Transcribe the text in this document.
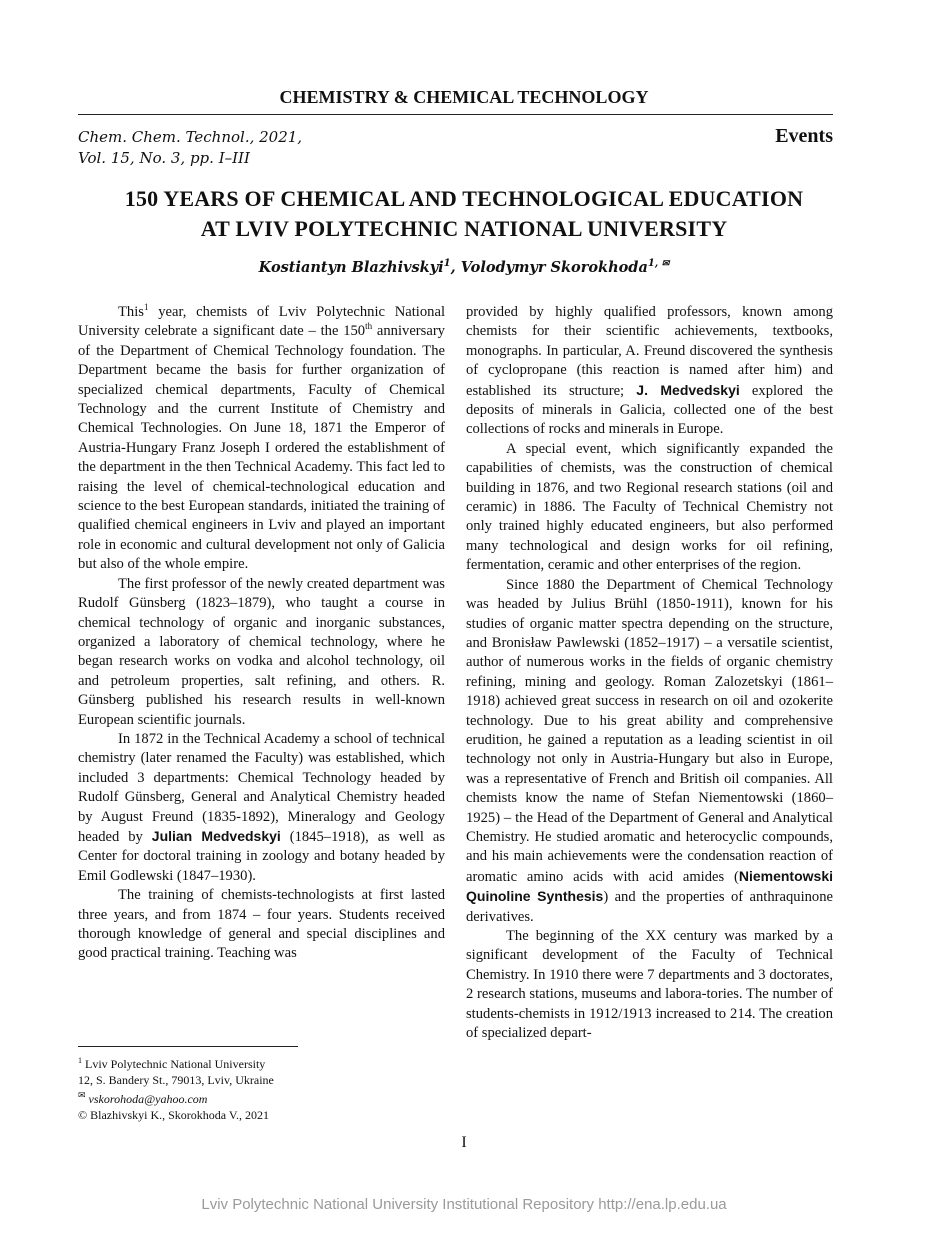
CHEMISTRY & CHEMICAL TECHNOLOGY
Chem. Chem. Technol., 2021,
Vol. 15, No. 3, pp. I–III
Events
150 YEARS OF CHEMICAL AND TECHNOLOGICAL EDUCATION
AT LVIV POLYTECHNIC NATIONAL UNIVERSITY
Kostiantyn Blazhivskyi$^1$, Volodymyr Skorokhoda$^{1,}$ ✉

This$^1$ year, chemists of Lviv Polytechnic National University celebrate a significant date – the 150th anniversary of the Department of Chemical Technology foundation. The Department became the basis for further organization of specialized chemical departments, Faculty of Chemical Technology and the current Institute of Chemistry and Chemical Technologies. On June 18, 1871 the Emperor of Austria-Hungary Franz Joseph I ordered the establishment of the department in the then Technical Academy. This fact led to raising the level of chemical-technological education and science to the best European standards, initiated the training of qualified chemical engineers in Lviv and played an important role in economic and cultural development not only of Galicia but also of the whole empire.

The first professor of the newly created department was Rudolf Günsberg (1823–1879), who taught a course in chemical technology of organic and inorganic substances, organized a laboratory of chemical technology, where he began research works on vodka and alcohol technology, oil and petroleum properties, salt refining, and others. R. Günsberg published his research results in well-known European scientific journals.

In 1872 in the Technical Academy a school of technical chemistry (later renamed the Faculty) was established, which included 3 departments: Chemical Technology headed by Rudolf Günsberg, General and Analytical Chemistry headed by August Freund (1835-1892), Mineralogy and Geology headed by Julian Medvedskyi (1845–1918), as well as Center for doctoral training in zoology and botany headed by Emil Godlewski (1847–1930).

The training of chemists-technologists at first lasted three years, and from 1874 – four years. Students received thorough knowledge of general and special disciplines and good practical training. Teaching was

provided by highly qualified professors, known among chemists for their scientific achievements, textbooks, monographs. In particular, A. Freund discovered the synthesis of cyclopropane (this reaction is named after him) and established its structure; J. Medvedskyi explored the deposits of minerals in Galicia, collected one of the best collections of rocks and minerals in Europe.

A special event, which significantly expanded the capabilities of chemists, was the construction of chemical building in 1876, and two Regional research stations (oil and ceramic) in 1886. The Faculty of Technical Chemistry not only trained highly educated engineers, but also performed many technological and design works for oil refining, fermentation, ceramic and other enterprises of the region.

Since 1880 the Department of Chemical Technology was headed by Julius Brühl (1850-1911), known for his studies of organic matter spectra depending on the structure, and Bronisław Pawlewski (1852–1917) – a versatile scientist, author of numerous works in the fields of organic chemistry refining, mining and geology. Roman Zalozetskyi (1861–1918) achieved great success in research on oil and ozokerite technology. Due to his great ability and comprehensive erudition, he gained a reputation as a leading scientist in oil technology not only in Austria-Hungary but also in Europe, was a representative of French and British oil companies. All chemists know the name of Stefan Niementowski (1860–1925) – the Head of the Department of General and Analytical Chemistry. He studied aromatic and heterocyclic compounds, and his main achievements were the condensation reaction of aromatic amino acids with acid amides (Niementowski Quinoline Synthesis) and the properties of anthraquinone derivatives.

The beginning of the XX century was marked by a significant development of the Faculty of Technical Chemistry. In 1910 there were 7 departments and 3 doctorates, 2 research stations, museums and labora-tories. The number of students-chemists in 1912/1913 increased to 214. The creation of specialized depart-

$^1$ Lviv Polytechnic National University
12, S. Bandery St., 79013, Lviv, Ukraine
✉ vskorohoda@yahoo.com
© Blazhivskyi K., Skorokhoda V., 2021
I
Lviv Polytechnic National University Institutional Repository http://ena.lp.edu.ua
